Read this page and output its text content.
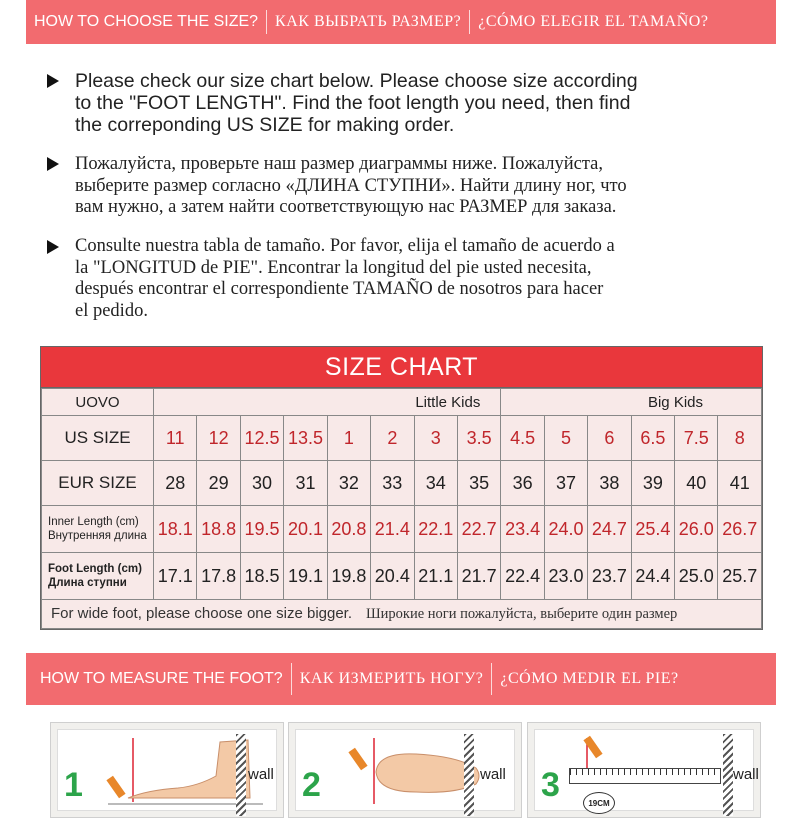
HOW TO CHOOSE THE SIZE? КАК ВЫБРАТЬ РАЗМЕР? ¿CÓMO ELEGIR EL TAMAÑO?
Please check our size chart below. Please choose size according
to the "FOOT LENGTH". Find the foot length you need, then find
the correponding US SIZE for making order.
Пожалуйста, проверьте наш размер диаграммы ниже. Пожалуйста,
выберите размер согласно «ДЛИНА СТУПНИ». Найти длину ног, что
вам нужно, а затем найти соответствующую нас РАЗМЕР для заказа.
Consulte nuestra tabla de tamaño. Por favor, elija el tamaño de acuerdo a
la "LONGITUD de PIE". Encontrar la longitud del pie usted necesita,
después encontrar el correspondiente TAMAÑO de nosotros para hacer
el pedido.
SIZE CHART
UOVO	Little Kids								Big Kids					
US SIZE	11	12	12.5	13.5	1	2	3	3.5	4.5	5	6	6.5	7.5	8
EUR SIZE	28	29	30	31	32	33	34	35	36	37	38	39	40	41

Inner Length (cm)
Внутренняя длина	18.1	18.8	19.5	20.1	20.8	21.4	22.1	22.7	23.4	24.0	24.7	25.4	26.0	26.7

Foot Length (cm)
Длина ступни	17.1	17.8	18.5	19.1	19.8	20.4	21.1	21.7	22.4	23.0	23.7	24.4	25.0	25.7
For wide foot, please choose one size bigger. Широкие ноги пожалуйста, выберите один размер														
HOW TO MEASURE THE FOOT? КАК ИЗМЕРИТЬ НОГУ? ¿CÓMO MEDIR EL PIE?
1	wall 2	wall 3	wall
19CM
